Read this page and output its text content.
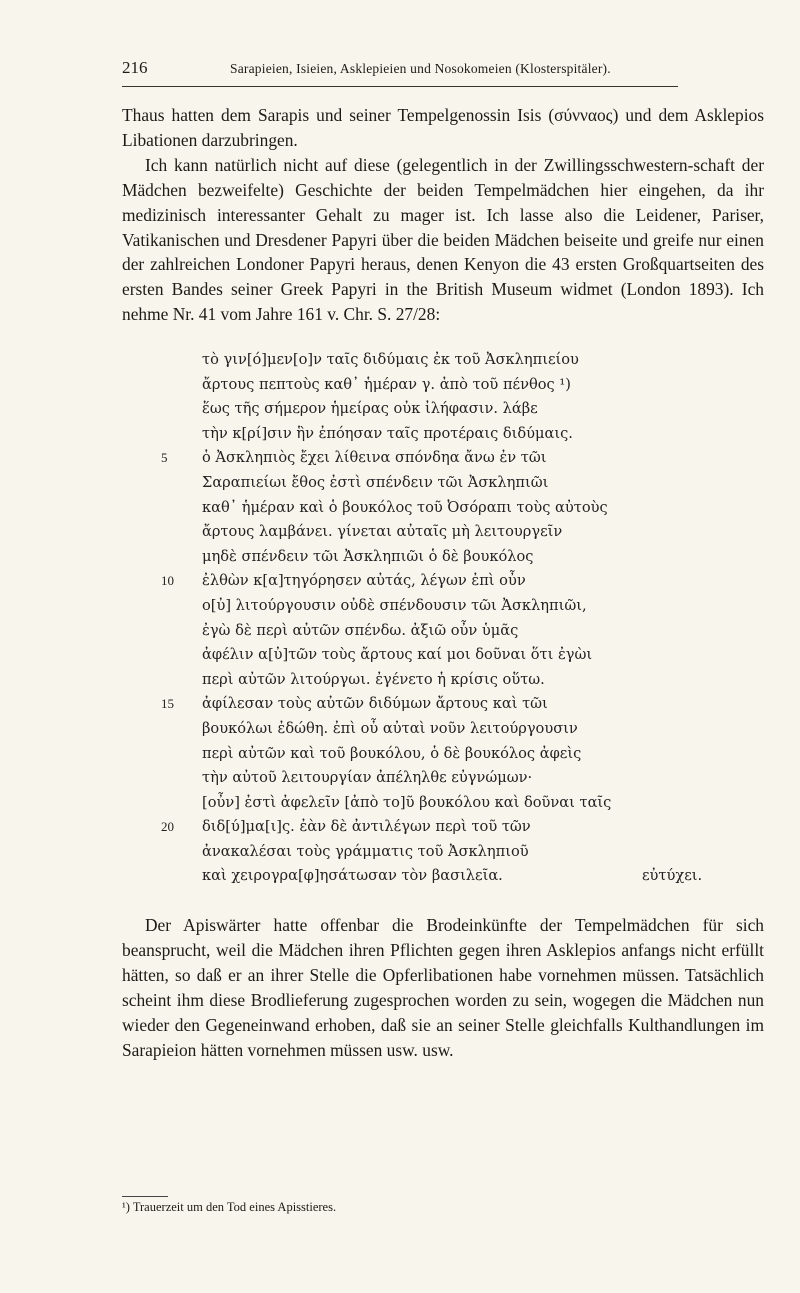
216	Sarapieien, Isieien, Asklepieien und Nosokomeien (Klosterspitäler).

Thaus hatten dem Sarapis und seiner Tempelgenossin Isis (σύνναος) und dem Asklepios Libationen darzubringen.

Ich kann natürlich nicht auf diese (gelegentlich in der Zwillingsschwestern-schaft der Mädchen bezweifelte) Geschichte der beiden Tempelmädchen hier eingehen, da ihr medizinisch interessanter Gehalt zu mager ist. Ich lasse also die Leidener, Pariser, Vatikanischen und Dresdener Papyri über die beiden Mädchen beiseite und greife nur einen der zahlreichen Londoner Papyri heraus, denen Kenyon die 43 ersten Großquartseiten des ersten Bandes seiner Greek Papyri in the British Museum widmet (London 1893). Ich nehme Nr. 41 vom Jahre 161 v. Chr. S. 27/28:

τὸ γιν[ό]μεν[ο]ν ταῖς διδύμαις ἐκ τοῦ Ἀσκληπιείου
ἄρτους πεπτοὺς καθ᾽ ἡμέραν γ. ἀπὸ τοῦ πένθος ¹)
ἕως τῆς σήμερον ἡμείρας οὐκ ἰλήφασιν. λάβε
τὴν κ[ρί]σιν ἣν ἐπόησαν ταῖς προτέραις διδύμαις.
5	ὁ Ἀσκληπιὸς ἔχει λίθεινα σπόνδηα ἄνω ἐν τῶι
Σαραπιείωι ἔθος ἐστὶ σπένδειν τῶι Ἀσκληπιῶι
καθ᾽ ἡμέραν καὶ ὁ βουκόλος τοῦ Ὀσόραπι τοὺς αὐτοὺς
ἄρτους λαμβάνει. γίνεται αὐταῖς μὴ λειτουργεῖν
μηδὲ σπένδειν τῶι Ἀσκληπιῶι ὁ δὲ βουκόλος
10	ἐλθὼν κ[α]τηγόρησεν αὐτάς, λέγων ἐπὶ οὖν
ο[ὐ] λιτούργουσιν οὐδὲ σπένδουσιν τῶι Ἀσκληπιῶι,
ἐγὼ δὲ περὶ αὐτῶν σπένδω. ἀξιῶ οὖν ὑμᾶς
ἀφέλιν α[ὐ]τῶν τοὺς ἄρτους καί μοι δοῦναι ὅτι ἐγὼι
περὶ αὐτῶν λιτούργωι. ἐγένετο ἡ κρίσις οὕτω.
15	ἀφίλεσαν τοὺς αὐτῶν διδύμων ἄρτους καὶ τῶι
βουκόλωι ἐδώθη. ἐπὶ οὖ αὐταὶ νοῦν λειτούργουσιν
περὶ αὐτῶν καὶ τοῦ βουκόλου, ὁ δὲ βουκόλος ἀφεὶς
τὴν αὐτοῦ λειτουργίαν ἀπέληλθε εὐγνώμων·
[οὖν] ἐστὶ ἀφελεῖν [ἀπὸ το]ῦ βουκόλου καὶ δοῦναι ταῖς
20	διδ[ύ]μα[ι]ς. ἐὰν δὲ ἀντιλέγων περὶ τοῦ τῶν
ἀνακαλέσαι τοὺς γράμματις τοῦ Ἀσκληπιοῦ
καὶ χειρογρα[φ]ησάτωσαν τὸν βασιλεῖα.	εὐτύχει.

Der Apiswärter hatte offenbar die Brodeinkünfte der Tempelmädchen für sich beansprucht, weil die Mädchen ihren Pflichten gegen ihren Asklepios anfangs nicht erfüllt hätten, so daß er an ihrer Stelle die Opferlibationen habe vornehmen müssen. Tatsächlich scheint ihm diese Brodlieferung zugesprochen worden zu sein, wogegen die Mädchen nun wieder den Gegeneinwand erhoben, daß sie an seiner Stelle gleichfalls Kulthandlungen im Sarapieion hätten vornehmen müssen usw. usw.

¹) Trauerzeit um den Tod eines Apisstieres.
